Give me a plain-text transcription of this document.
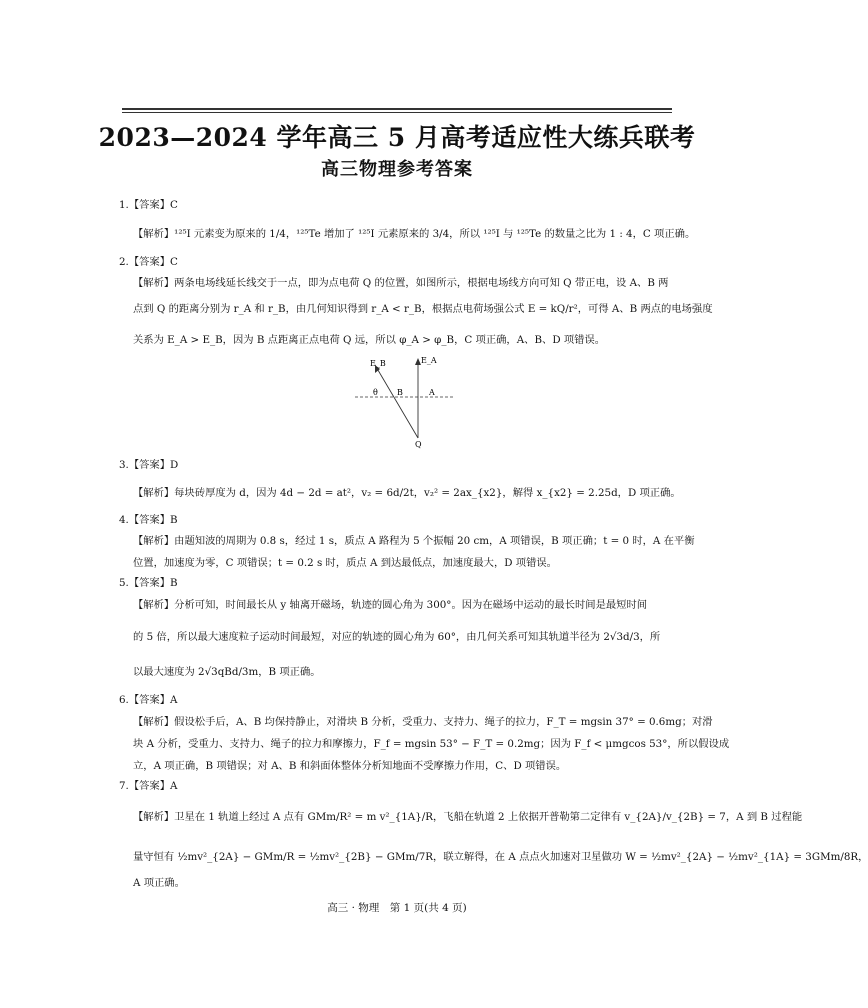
2023—2024 学年高三 5 月高考适应性大练兵联考
高三物理参考答案
1.【答案】C
【解析】¹²⁵I 元素变为原来的 1/4，¹²⁵Te 增加了 ¹²⁵I 元素原来的 3/4，所以 ¹²⁵I 与 ¹²⁵Te 的数量之比为 1 : 4，C 项正确。
2.【答案】C
【解析】两条电场线延长线交于一点，即为点电荷 Q 的位置，如图所示，根据电场线方向可知 Q 带正电，设 A、B 两
点到 Q 的距离分别为 r_A 和 r_B，由几何知识得到 r_A < r_B，根据点电荷场强公式 E = kQ/r²，可得 A、B 两点的电场强度
关系为 E_A > E_B，因为 B 点距离正点电荷 Q 远，所以 φ_A > φ_B，C 项正确，A、B、D 项错误。
E_B	E_A
θ B	A
Q
3.【答案】D
【解析】每块砖厚度为 d，因为 4d − 2d = at²，v₂ = 6d/2t，v₂² = 2ax_{x2}，解得 x_{x2} = 2.25d，D 项正确。
4.【答案】B
【解析】由题知波的周期为 0.8 s，经过 1 s，质点 A 路程为 5 个振幅 20 cm，A 项错误，B 项正确；t = 0 时，A 在平衡
位置，加速度为零，C 项错误；t = 0.2 s 时，质点 A 到达最低点，加速度最大，D 项错误。
5.【答案】B
【解析】分析可知，时间最长从 y 轴离开磁场，轨迹的圆心角为 300°。因为在磁场中运动的最长时间是最短时间
的 5 倍，所以最大速度粒子运动时间最短，对应的轨迹的圆心角为 60°，由几何关系可知其轨道半径为 2√3d/3，所
以最大速度为 2√3qBd/3m，B 项正确。
6.【答案】A
【解析】假设松手后，A、B 均保持静止，对滑块 B 分析，受重力、支持力、绳子的拉力，F_T = mgsin 37° = 0.6mg；对滑
块 A 分析，受重力、支持力、绳子的拉力和摩擦力，F_f = mgsin 53° − F_T = 0.2mg；因为 F_f < μmgcos 53°，所以假设成
立，A 项正确，B 项错误；对 A、B 和斜面体整体分析知地面不受摩擦力作用，C、D 项错误。
7.【答案】A
【解析】卫星在 1 轨道上经过 A 点有 GMm/R² = m v²_{1A}/R，飞船在轨道 2 上依据开普勒第二定律有 v_{2A}/v_{2B} = 7，A 到 B 过程能
量守恒有 ½mv²_{2A} − GMm/R = ½mv²_{2B} − GMm/7R，联立解得，在 A 点点火加速对卫星做功 W = ½mv²_{2A} − ½mv²_{1A} = 3GMm/8R，
A 项正确。
高三 · 物理　第 1 页(共 4 页)
